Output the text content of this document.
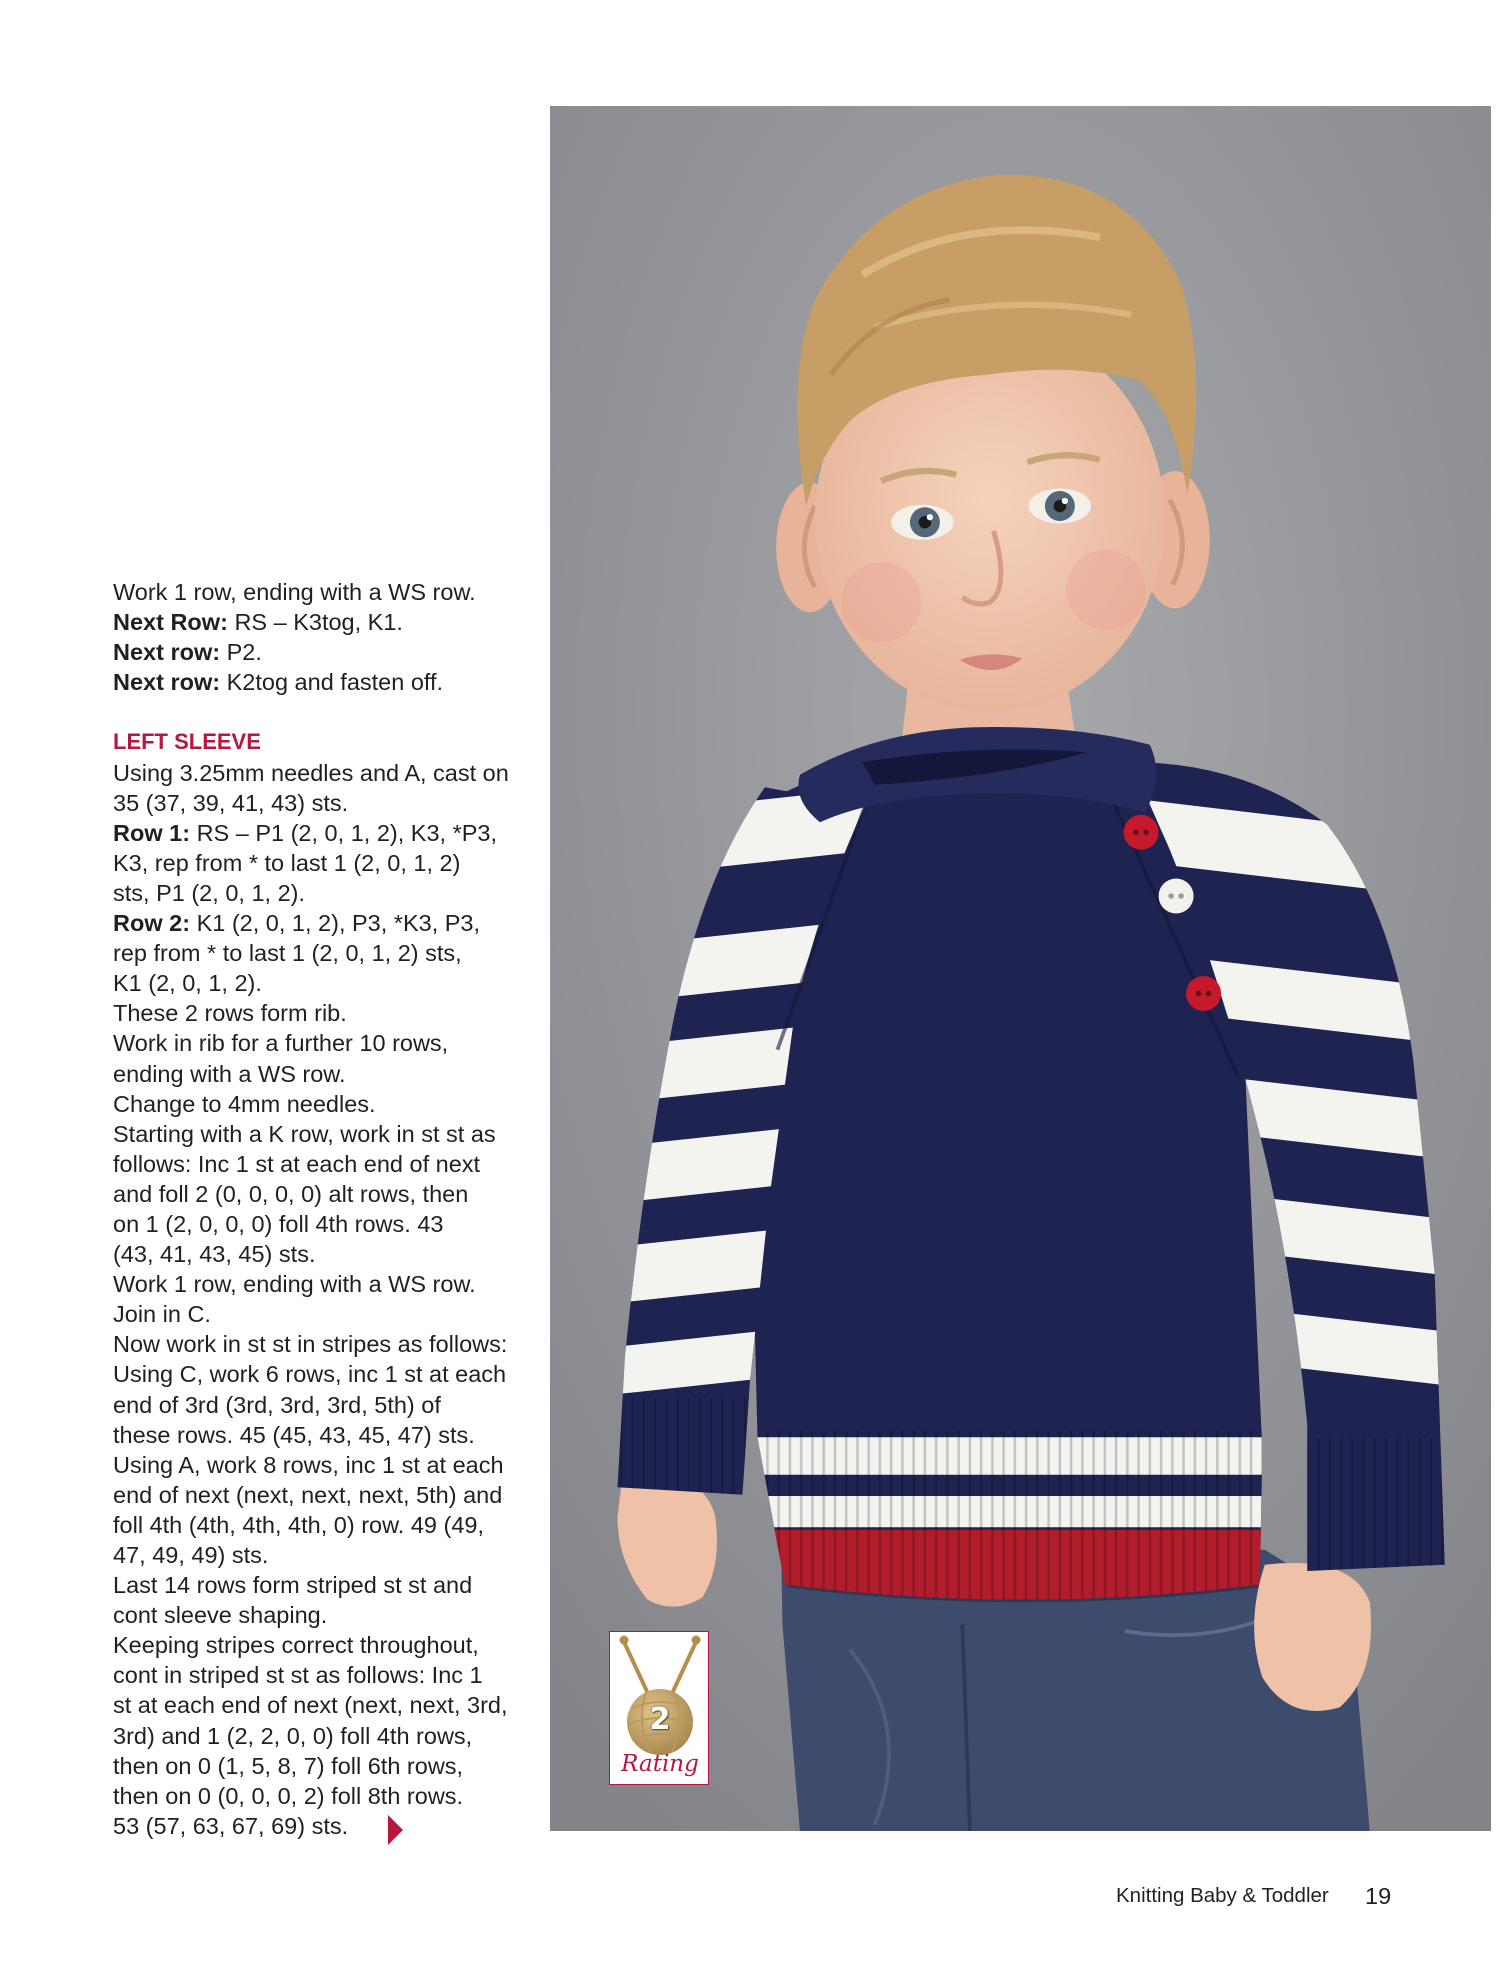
Work 1 row, ending with a WS row.
Next Row: RS – K3tog, K1.
Next row: P2.
Next row: K2tog and fasten off.
LEFT SLEEVE
Using 3.25mm needles and A, cast on
35 (37, 39, 41, 43) sts.
Row 1: RS – P1 (2, 0, 1, 2), K3, *P3,
K3, rep from * to last 1 (2, 0, 1, 2)
sts, P1 (2, 0, 1, 2).
Row 2: K1 (2, 0, 1, 2), P3, *K3, P3,
rep from * to last 1 (2, 0, 1, 2) sts,
K1 (2, 0, 1, 2).
These 2 rows form rib.
Work in rib for a further 10 rows,
ending with a WS row.
Change to 4mm needles.
Starting with a K row, work in st st as
follows: Inc 1 st at each end of next
and foll 2 (0, 0, 0, 0) alt rows, then
on 1 (2, 0, 0, 0) foll 4th rows. 43
(43, 41, 43, 45) sts.
Work 1 row, ending with a WS row.
Join in C.
Now work in st st in stripes as follows:
Using C, work 6 rows, inc 1 st at each
end of 3rd (3rd, 3rd, 3rd, 5th) of
these rows. 45 (45, 43, 45, 47) sts.
Using A, work 8 rows, inc 1 st at each
end of next (next, next, next, 5th) and
foll 4th (4th, 4th, 4th, 0) row. 49 (49,
47, 49, 49) sts.
Last 14 rows form striped st st and
cont sleeve shaping.
Keeping stripes correct throughout,
cont in striped st st as follows: Inc 1
st at each end of next (next, next, 3rd,
3rd) and 1 (2, 2, 0, 0) foll 4th rows,
then on 0 (1, 5, 8, 7) foll 6th rows,
then on 0 (0, 0, 0, 2) foll 8th rows.
53 (57, 63, 67, 69) sts.
2
Rating
Knitting Baby & Toddler 19
